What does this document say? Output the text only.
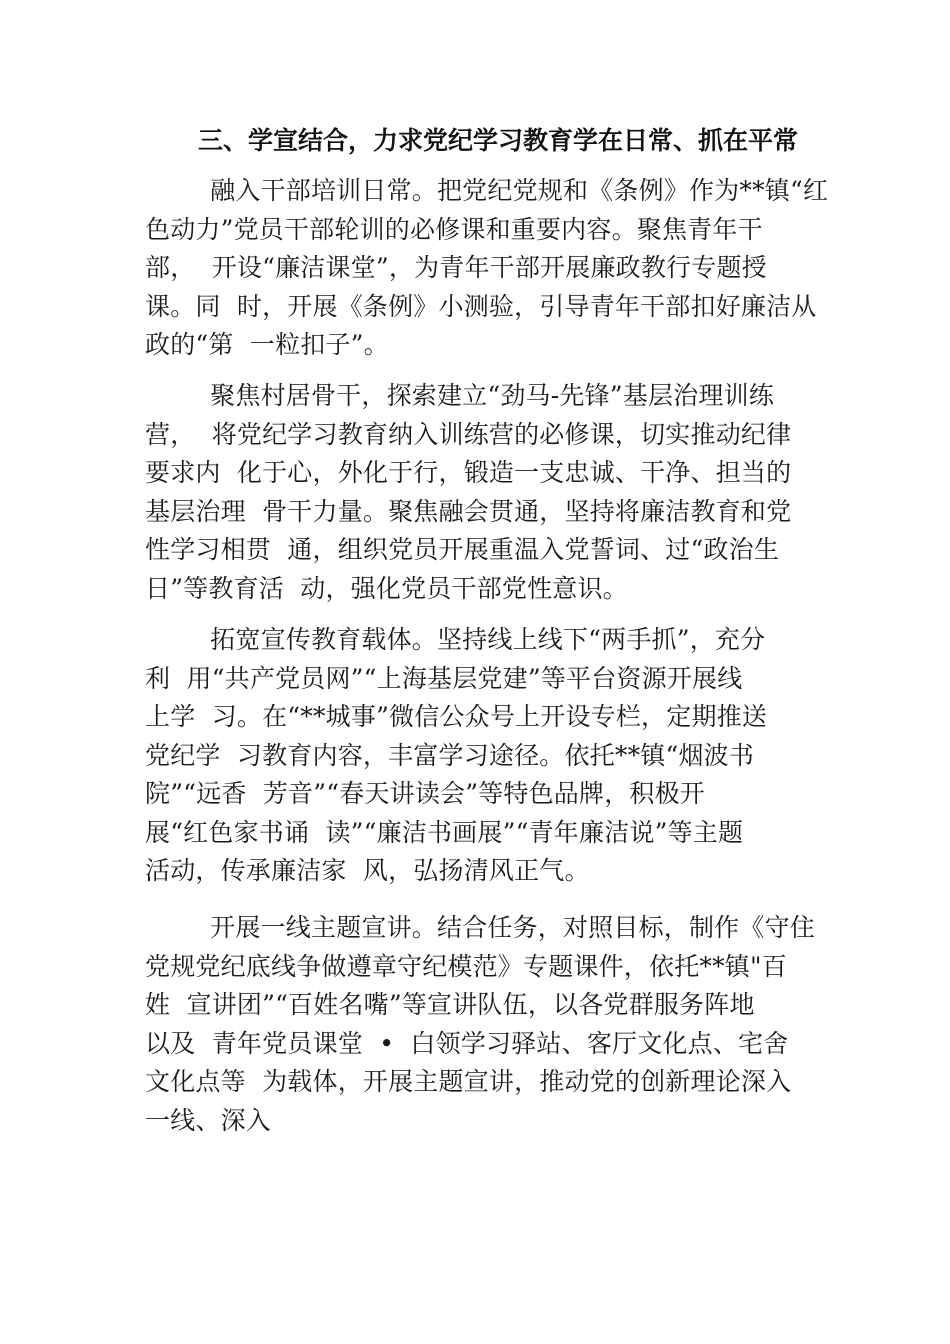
三、学宣结合，力求党纪学习教育学在日常、抓在平常
融入干部培训日常。把党纪党规和《条例》作为**镇“红
色动力”党员干部轮训的必修课和重要内容。聚焦青年干
部，  开设“廉洁课堂”，为青年干部开展廉政教行专题授
课。同  时，开展《条例》小测验，引导青年干部扣好廉洁从
政的“第  一粒扣子”。
聚焦村居骨干，探索建立“劲马-先锋”基层治理训练
营，  将党纪学习教育纳入训练营的必修课，切实推动纪律
要求内  化于心，外化于行，锻造一支忠诚、干净、担当的
基层治理  骨干力量。聚焦融会贯通，坚持将廉洁教育和党
性学习相贯  通，组织党员开展重温入党誓词、过“政治生
日”等教育活  动，强化党员干部党性意识。
拓宽宣传教育载体。坚持线上线下“两手抓”，充分
利  用“共产党员网”“上海基层党建”等平台资源开展线
上学  习。在“**城事”微信公众号上开设专栏，定期推送
党纪学  习教育内容，丰富学习途径。依托**镇“烟波书
院”“远香  芳音”“春天讲读会”等特色品牌，积极开
展“红色家书诵  读”“廉洁书画展”“青年廉洁说”等主题
活动，传承廉洁家  风，弘扬清风正气。
开展一线主题宣讲。结合任务，对照目标，制作《守住
党规党纪底线争做遵章守纪模范》专题课件，依托**镇"百
姓  宣讲团”“百姓名嘴”等宣讲队伍，以各党群服务阵地
以及  青年党员课堂  •  白领学习驿站、客厅文化点、宅舍
文化点等  为载体，开展主题宣讲，推动党的创新理论深入
一线、深入
